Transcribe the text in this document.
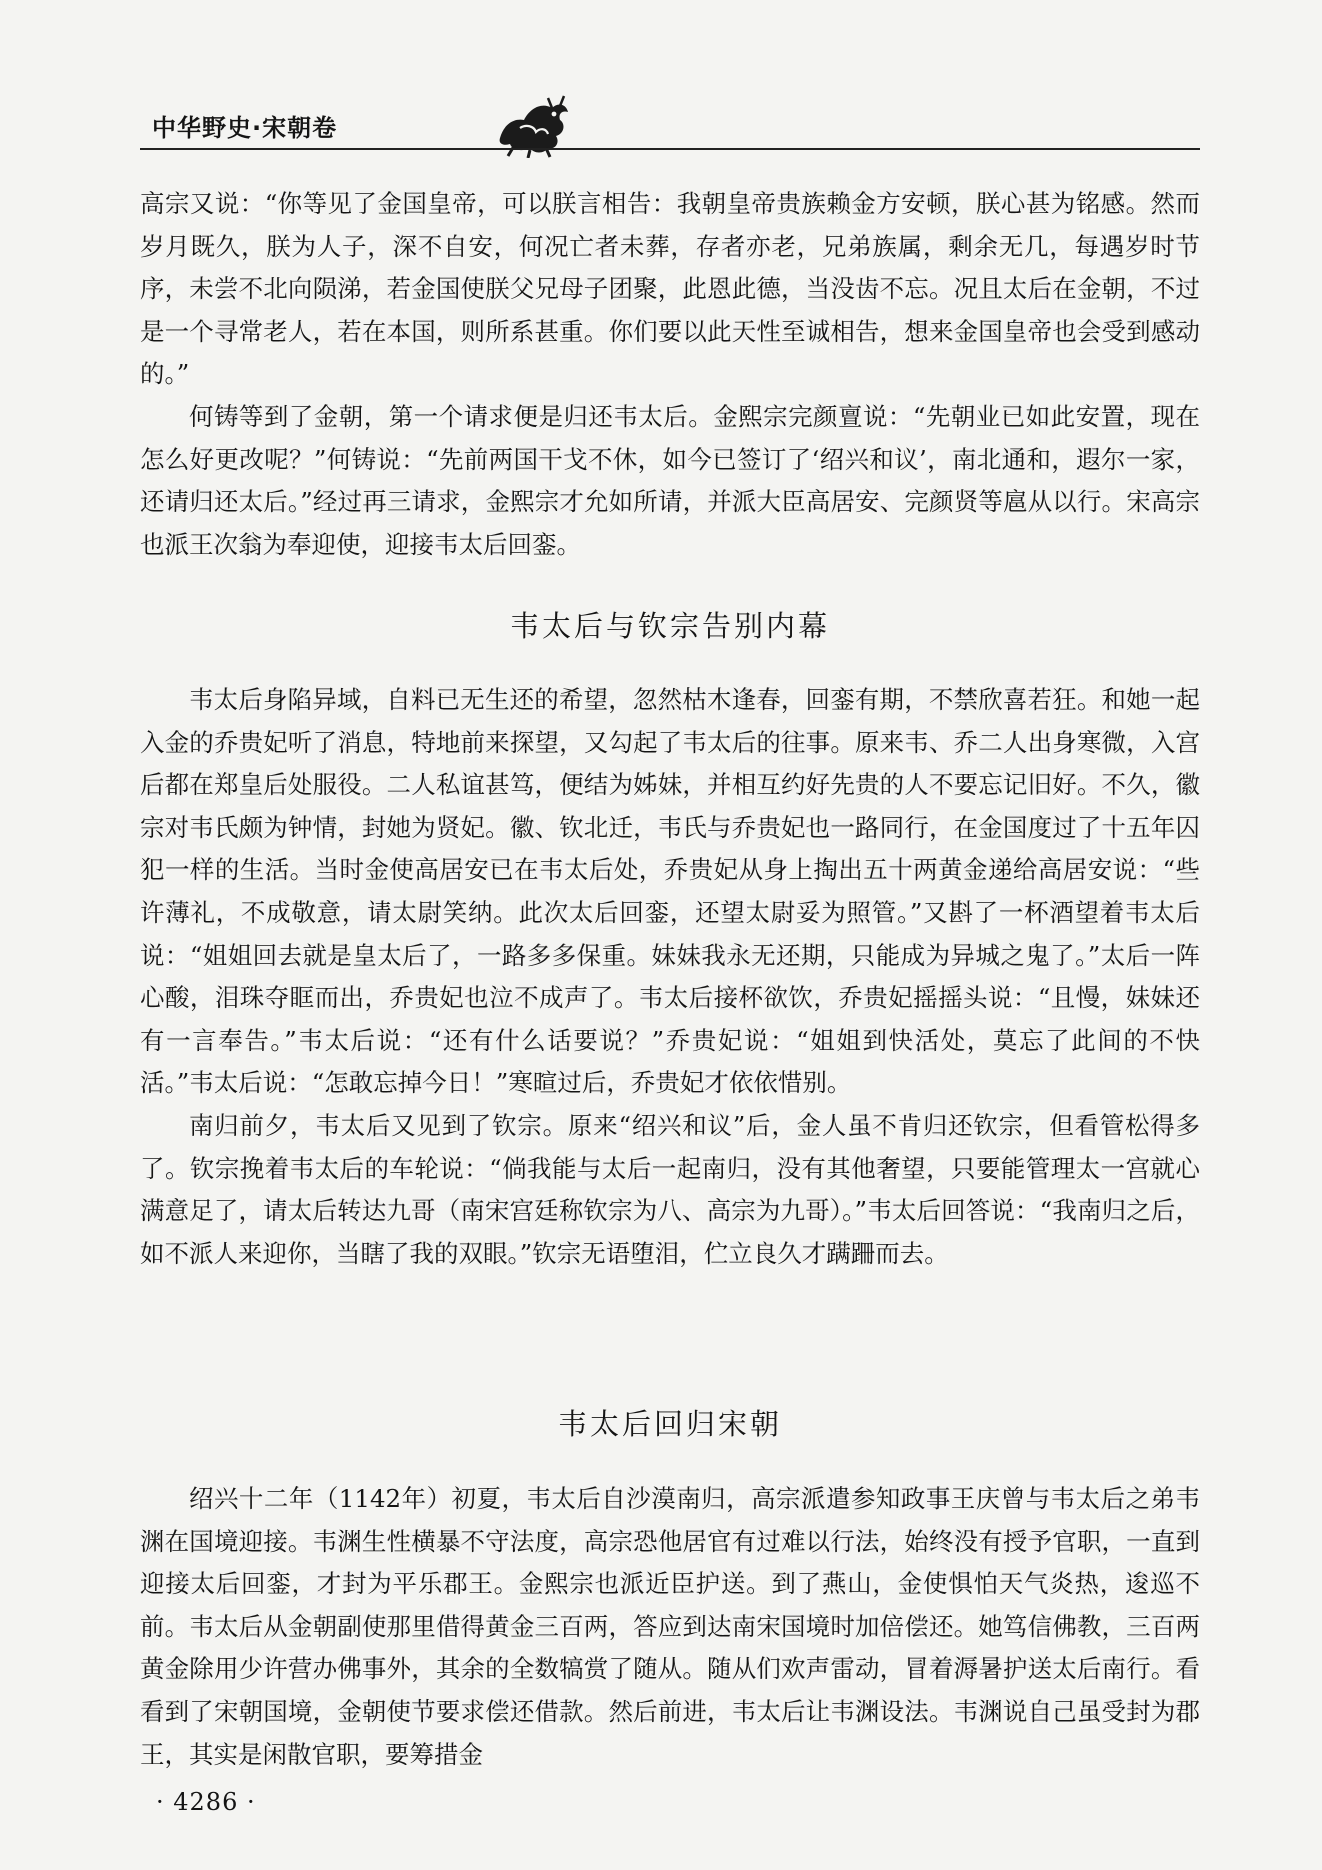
中华野史·宋朝卷

高宗又说：“你等见了金国皇帝，可以朕言相告：我朝皇帝贵族赖金方安顿，朕心甚为铭感。然而岁月既久，朕为人子，深不自安，何况亡者未葬，存者亦老，兄弟族属，剩余无几，每遇岁时节序，未尝不北向陨涕，若金国使朕父兄母子团聚，此恩此德，当没齿不忘。况且太后在金朝，不过是一个寻常老人，若在本国，则所系甚重。你们要以此天性至诚相告，想来金国皇帝也会受到感动的。”

何铸等到了金朝，第一个请求便是归还韦太后。金熙宗完颜亶说：“先朝业已如此安置，现在怎么好更改呢？”何铸说：“先前两国干戈不休，如今已签订了‘绍兴和议’，南北通和，遐尔一家，还请归还太后。”经过再三请求，金熙宗才允如所请，并派大臣高居安、完颜贤等扈从以行。宋高宗也派王次翁为奉迎使，迎接韦太后回銮。

韦太后与钦宗告别内幕

韦太后身陷异域，自料已无生还的希望，忽然枯木逢春，回銮有期，不禁欣喜若狂。和她一起入金的乔贵妃听了消息，特地前来探望，又勾起了韦太后的往事。原来韦、乔二人出身寒微，入宫后都在郑皇后处服役。二人私谊甚笃，便结为姊妹，并相互约好先贵的人不要忘记旧好。不久，徽宗对韦氏颇为钟情，封她为贤妃。徽、钦北迁，韦氏与乔贵妃也一路同行，在金国度过了十五年囚犯一样的生活。当时金使高居安已在韦太后处，乔贵妃从身上掏出五十两黄金递给高居安说：“些许薄礼，不成敬意，请太尉笑纳。此次太后回銮，还望太尉妥为照管。”又斟了一杯酒望着韦太后说：“姐姐回去就是皇太后了，一路多多保重。妹妹我永无还期，只能成为异城之鬼了。”太后一阵心酸，泪珠夺眶而出，乔贵妃也泣不成声了。韦太后接杯欲饮，乔贵妃摇摇头说：“且慢，妹妹还有一言奉告。”韦太后说：“还有什么话要说？”乔贵妃说：“姐姐到快活处，莫忘了此间的不快活。”韦太后说：“怎敢忘掉今日！”寒暄过后，乔贵妃才依依惜别。

南归前夕，韦太后又见到了钦宗。原来“绍兴和议”后，金人虽不肯归还钦宗，但看管松得多了。钦宗挽着韦太后的车轮说：“倘我能与太后一起南归，没有其他奢望，只要能管理太一宫就心满意足了，请太后转达九哥（南宋宫廷称钦宗为八、高宗为九哥）。”韦太后回答说：“我南归之后，如不派人来迎你，当瞎了我的双眼。”钦宗无语堕泪，伫立良久才蹒跚而去。

韦太后回归宋朝

绍兴十二年（1142年）初夏，韦太后自沙漠南归，高宗派遣参知政事王庆曾与韦太后之弟韦渊在国境迎接。韦渊生性横暴不守法度，高宗恐他居官有过难以行法，始终没有授予官职，一直到迎接太后回銮，才封为平乐郡王。金熙宗也派近臣护送。到了燕山，金使惧怕天气炎热，逡巡不前。韦太后从金朝副使那里借得黄金三百两，答应到达南宋国境时加倍偿还。她笃信佛教，三百两黄金除用少许营办佛事外，其余的全数犒赏了随从。随从们欢声雷动，冒着溽暑护送太后南行。看看到了宋朝国境，金朝使节要求偿还借款。然后前进，韦太后让韦渊设法。韦渊说自己虽受封为郡王，其实是闲散官职，要筹措金

· 4286 ·
